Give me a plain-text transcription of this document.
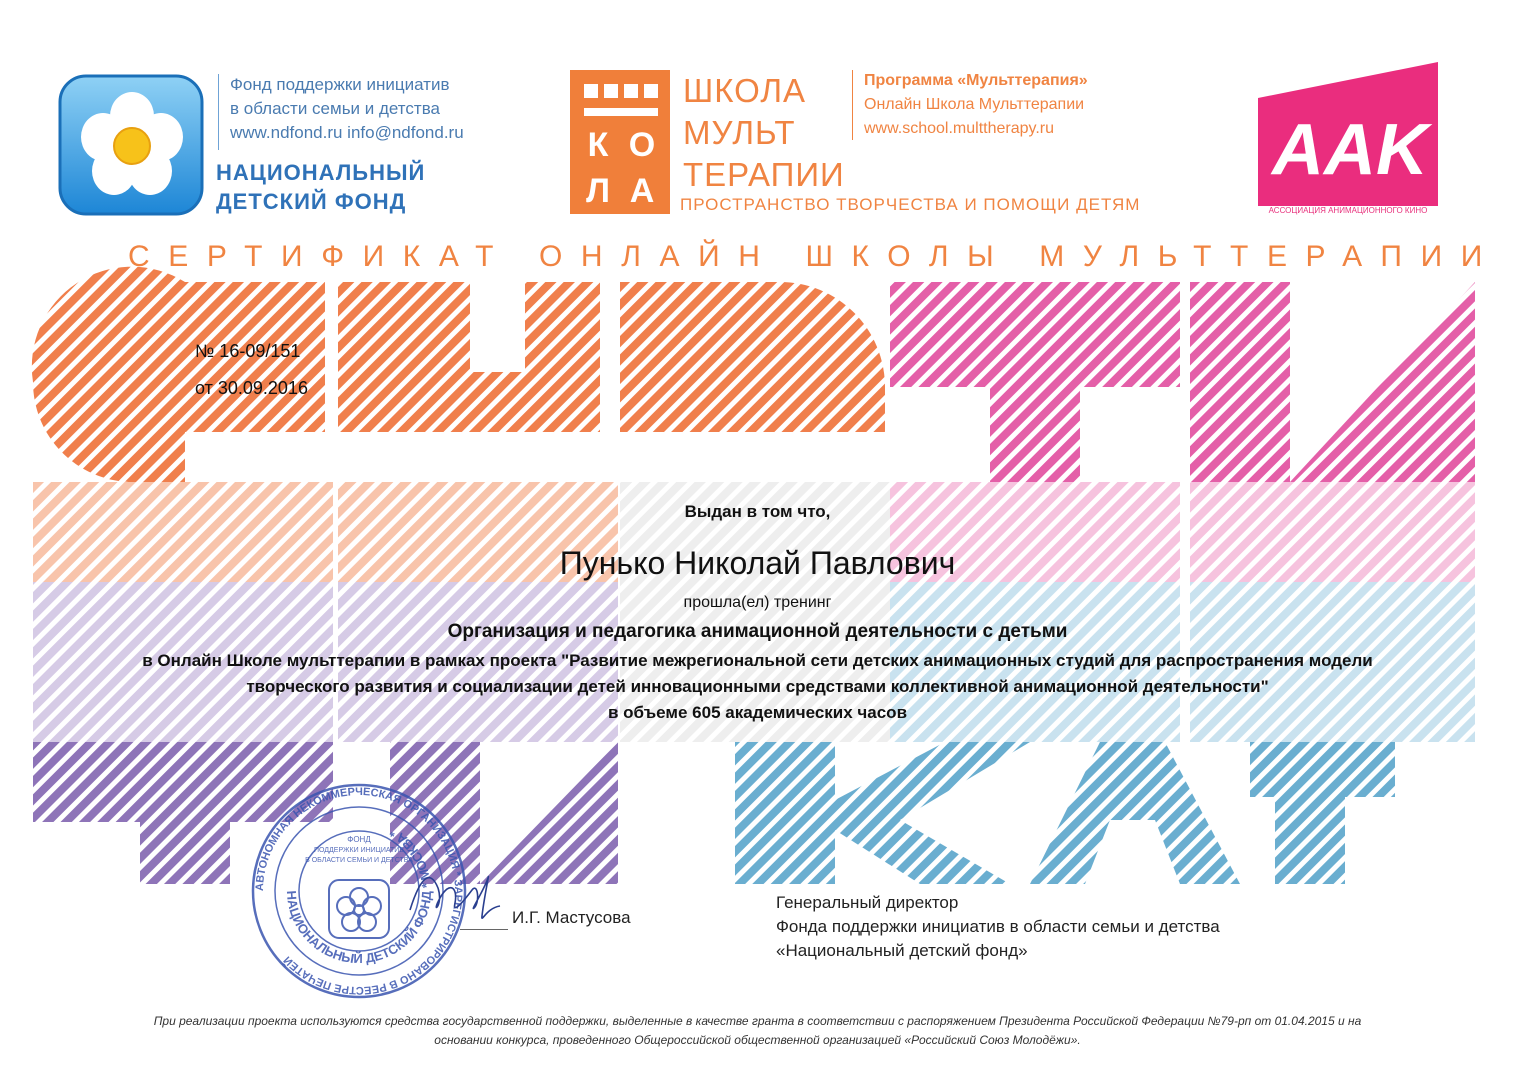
Фонд поддержки инициатив
в области семьи и детства
www.ndfond.ru info@ndfond.ru
НАЦИОНАЛЬНЫЙ
ДЕТСКИЙ ФОНД
К О
Л А
ШКОЛА
МУЛЬТ
ТЕРАПИИ
ПРОСТРАНСТВО ТВОРЧЕСТВА И ПОМОЩИ ДЕТЯМ
Программа «Мульттерапия»
Онлайн Школа Мульттерапии
www.school.multtherapy.ru	AAK
АССОЦИАЦИЯ АНИМАЦИОННОГО КИНО
СЕРТИФИКАТ ОНЛАЙН ШКОЛЫ МУЛЬТТЕРАПИИ
№ 16-09/151
от 30.09.2016
Выдан в том что,
Пунько Николай Павлович
прошла(ел) тренинг
Организация и педагогика анимационной деятельности с детьми
в Онлайн Школе мульттерапии в рамках проекта "Развитие межрегиональной сети детских анимационных студий для распространения модели
творческого развития и социализации детей инновационными средствами коллективной анимационной деятельности"
в объеме 605 академических часов
АВТОНОМНАЯ НЕКОММЕРЧЕСКАЯ ОРГАНИЗАЦИЯ * ЗАРЕГИСТРИРОВАНО В РЕЕСТРЕ ПЕЧАТЕЙ
НАЦИОНАЛЬНЫЙ ДЕТСКИЙ ФОНД * МОСКВА *
ФОНД
ПОДДЕРЖКИ ИНИЦИАТИВ
В ОБЛАСТИ СЕМЬИ И ДЕТСТВА
И.Г. Мастусова
Генеральный директор
Фонда поддержки инициатив в области семьи и детства
«Национальный детский фонд»
При реализации проекта используются средства государственной поддержки, выделенные в качестве гранта в соответствии с распоряжением Президента Российской Федерации №79-рп от 01.04.2015 и на
основании конкурса, проведенного Общероссийской общественной организацией «Российский Союз Молодёжи».
